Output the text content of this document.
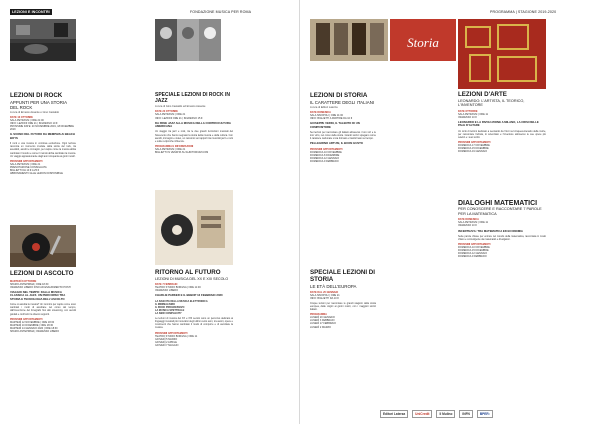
LEZIONI E INCONTRI	FONDAZIONE MUSICA PER ROMA
LEZIONI DI ROCK
APPUNTI PER UNA STORIA DEL ROCK
A cura di Ernesto Assante e Gino Castaldo
DATE 16 OTTOBRE
SALA PETRASSI | ORE 21:00
INFO: LEZIONI ORE 21 | INGRESSO 10 €
PROSSIME DATE: 20 NOVEMBRE 2019, 18 DICEMBRE 2019
IL SUONO DEL FUTURO DA MEMPHIS AI BEACH BOYS
Il rock è una musica in continua evoluzione. Ogni lezione racconta un momento cruciale della storia del rock, tra aneddoti, ascolti e immagini, per capire come la musica abbia cambiato il mondo e come il mondo abbia cambiato la musica. Un viaggio appassionante dagli anni cinquanta ai giorni nostri.
PROSSIMI APPUNTAMENTI
SALA PETRASSI | ORE 21
PRENOTAZIONE CONSIGLIATA
BIGLIETTI DA 10 € A 25 €
ABBONAMENTO ALLE LEZIONI DISPONIBILE
LEZIONI DI ASCOLTO
MARTEDÌ 8 OTTOBRE
SPAZIO ANTEPRIMA | ORE 18:30
INGRESSO LIBERO FINO AD ESAURIMENTO POSTI
VIAGGIO NEL TEMPO: DALLA MUSICA CLASSICA AL JAZZ. UN PERCORSO TRA STORIA E TECNOLOGIA DELL'ASCOLTO
Come si ascolta la musica? Un incontro per capire come sono cambiati i modi di ascoltare nel corso del tempo, dall'invenzione del fonografo fino allo streaming, con ascolti guidati e confronti tra diversi supporti.
PROSSIMI APPUNTAMENTI
MARTEDÌ 12 NOVEMBRE | ORE 18:30
MARTEDÌ 10 DICEMBRE | ORE 18:30
MARTEDÌ 14 GENNAIO 2020 | ORE 18:30
SPAZIO ANTEPRIMA | INGRESSO LIBERO
SPECIALE LEZIONI DI ROCK IN JAZZ
A cura di Gino Castaldo ed Ernesto Assante
DATE 22 OTTOBRE
SALA PETRASSI | ORE 21
INFO: LEZIONI ORE 21 | INGRESSO 15 €
DA FREE JAZZ ALLA MUSICA DELLA CONTROCULTURA AMERICANA
Un viaggio tra jazz e rock, tra le due grandi rivoluzioni musicali del Novecento che hanno segnato la storia della musica e della cultura. Con ascolti, immagini e video, un racconto sui rapporti tra musicisti jazz e rock e sulle reciproche influenze.
PROGRAMMA E INFORMAZIONI
SALA PETRASSI | ORE 21
BIGLIETTI IN VENDITA SU AUDITORIUM.COM
RITORNO AL FUTURO
LEZIONI DI MUSICA DEL XX E XXI SECOLO
DATE 7 FEBBRAIO
TEATRO STUDIO BORGNA | ORE 11:00
INGRESSO LIBERO
CHARLIE PARKER E IL BEBOP 12 FEBBRAIO 2020
LA NASCITA DELLA MUSICA ELETTRONICA
IL MINIMALISMO
IL ROCK PROGRESSIVO
LA MUSICA SPETTRALE
LA NEW COMPLEXITY
Le lezioni di musica del XX e XXI secolo sono un percorso dedicato ai linguaggi musicali più innovativi degli ultimi cento anni, tra autori, opere e movimenti che hanno cambiato il modo di comporre e di ascoltare la musica.
PROSSIMI APPUNTAMENTI
TEATRO STUDIO BORGNA | ORE 11
GIOVEDÌ 5 MARZO
GIOVEDÌ 2 APRILE
GIOVEDÌ 7 MAGGIO
PROGRAMMA | STAGIONE 2019-2020
Storia
LEZIONI DI STORIA
IL CARATTERE DEGLI ITALIANI
A cura di Editori Laterza
DATE DOMENICA
SALA SINOPOLI | ORE 11:00
INFO: BIGLIETTI A PARTIRE DA 10 €
GIUSEPPE VERDI, IL TALENTO DI UN COMPOSITORE
Sei lezioni per raccontare gli italiani attraverso i loro vizi e le loro virtù, nel corso della storia. Grandi storici spiegano come il carattere nazionale si sia formato e trasformato nel tempo.
PELLEGRINO ARTUSI, IL BUON GUSTO
PROSSIMI APPUNTAMENTI
DOMENICA 10 NOVEMBRE
DOMENICA 8 DICEMBRE
DOMENICA 12 GENNAIO
DOMENICA 9 FEBBRAIO
SPECIALE LEZIONI DI STORIA
LE ETÀ DELL'EUROPA
DATE DAL 20 GENNAIO
SALA SINOPOLI | ORE 21
INFO: BIGLIETTI DA 10 €
Cinque lezioni per raccontare le grandi stagioni della storia europea, dalle origini ai giorni nostri, con i maggiori storici italiani.
PROGRAMMA
LUNEDÌ 20 GENNAIO
LUNEDÌ 3 FEBBRAIO
LUNEDÌ 17 FEBBRAIO
LUNEDÌ 2 MARZO
LEZIONI D'ARTE
LEONARDO: L'ARTISTA, IL TEORICO, L'INVENTORE
DATE OTTOBRE
SALA PETRASSI | ORE 11
INGRESSO 10 €
LEONARDO E LA RIVOLUZIONE A MILANO, LA CRISI DELLE PALE D'ALTARE
Un ciclo di lezioni dedicato a Leonardo da Vinci nel cinquecentenario della morte, per raccontare l'artista, lo scienziato e l'inventore attraverso le sue opere più celebri e i suoi scritti.
PROSSIMI APPUNTAMENTI
DOMENICA 17 NOVEMBRE
DOMENICA 15 DICEMBRE
DOMENICA 19 GENNAIO
DIALOGHI MATEMATICI
PER CONOSCERE E RACCONTARE 7 PAROLE PER LA MATEMATICA
DATE DOMENICA
SALA PETRASSI | ORE 11
INGRESSO 10 €
INCERTEZZA: TRA MATEMATICA ED ECONOMIA
Sette parole chiave per entrare nel mondo della matematica, raccontata in modo chiaro e coinvolgente da matematici e divulgatori.
PROSSIMI APPUNTAMENTI
DOMENICA 10 NOVEMBRE
DOMENICA 15 DICEMBRE
DOMENICA 12 GENNAIO
DOMENICA 9 FEBBRAIO
Editori Laterza	UniCredit	Il Mulino	INFN	BPER:
